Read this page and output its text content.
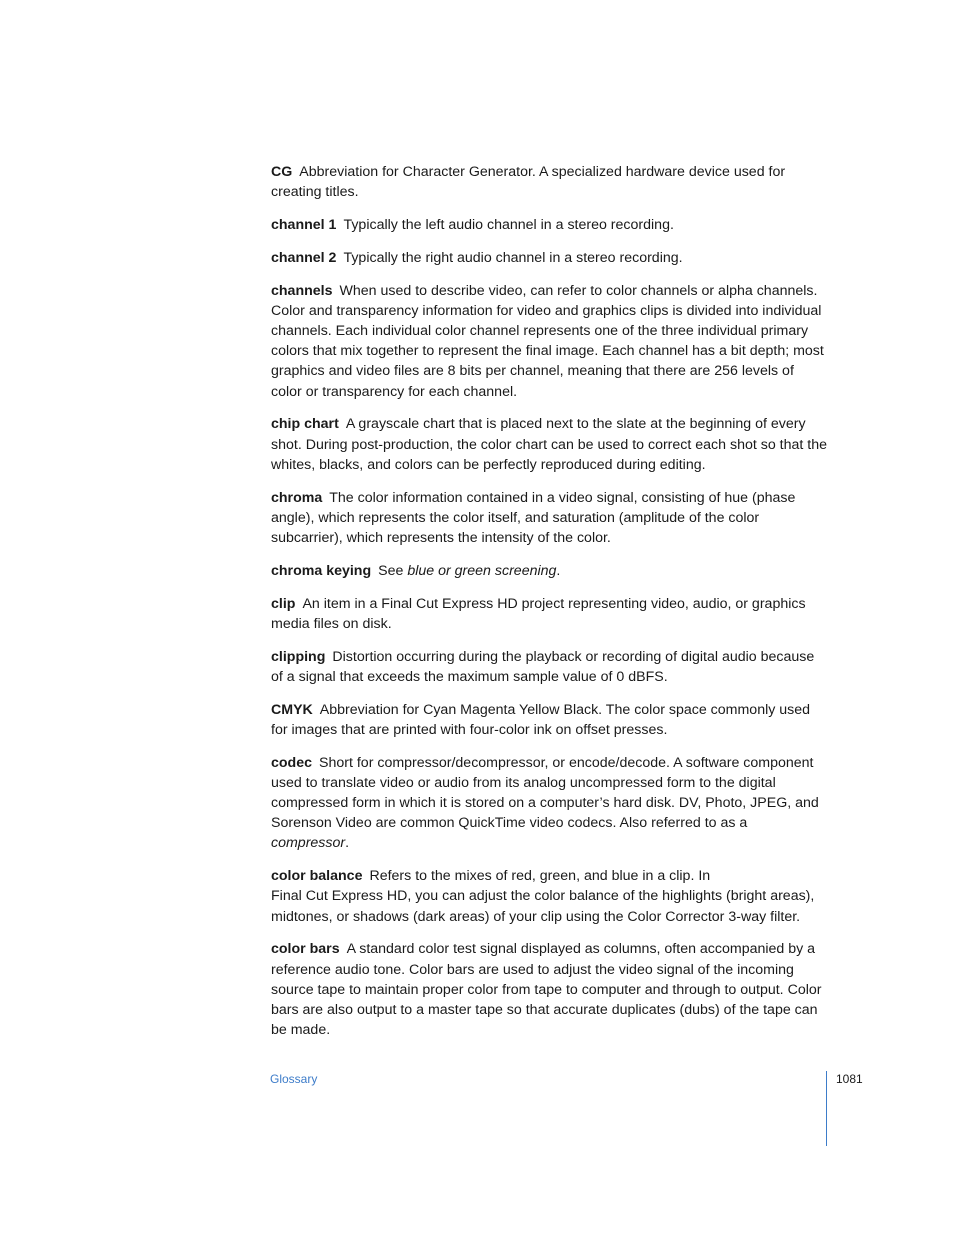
CG Abbreviation for Character Generator. A specialized hardware device used for creating titles.

channel 1 Typically the left audio channel in a stereo recording.

channel 2 Typically the right audio channel in a stereo recording.

channels When used to describe video, can refer to color channels or alpha channels. Color and transparency information for video and graphics clips is divided into individual channels. Each individual color channel represents one of the three individual primary colors that mix together to represent the final image. Each channel has a bit depth; most graphics and video files are 8 bits per channel, meaning that there are 256 levels of color or transparency for each channel.

chip chart A grayscale chart that is placed next to the slate at the beginning of every shot. During post-production, the color chart can be used to correct each shot so that the whites, blacks, and colors can be perfectly reproduced during editing.

chroma The color information contained in a video signal, consisting of hue (phase angle), which represents the color itself, and saturation (amplitude of the color subcarrier), which represents the intensity of the color.

chroma keying See blue or green screening.

clip An item in a Final Cut Express HD project representing video, audio, or graphics media files on disk.

clipping Distortion occurring during the playback or recording of digital audio because of a signal that exceeds the maximum sample value of 0 dBFS.

CMYK Abbreviation for Cyan Magenta Yellow Black. The color space commonly used for images that are printed with four-color ink on offset presses.

codec Short for compressor/decompressor, or encode/decode. A software component used to translate video or audio from its analog uncompressed form to the digital compressed form in which it is stored on a computer’s hard disk. DV, Photo, JPEG, and Sorenson Video are common QuickTime video codecs. Also referred to as a compressor.

color balance Refers to the mixes of red, green, and blue in a clip. In
Final Cut Express HD, you can adjust the color balance of the highlights (bright areas), midtones, or shadows (dark areas) of your clip using the Color Corrector 3-way filter.

color bars A standard color test signal displayed as columns, often accompanied by a reference audio tone. Color bars are used to adjust the video signal of the incoming source tape to maintain proper color from tape to computer and through to output. Color bars are also output to a master tape so that accurate duplicates (dubs) of the tape can be made.

Glossary	1081
